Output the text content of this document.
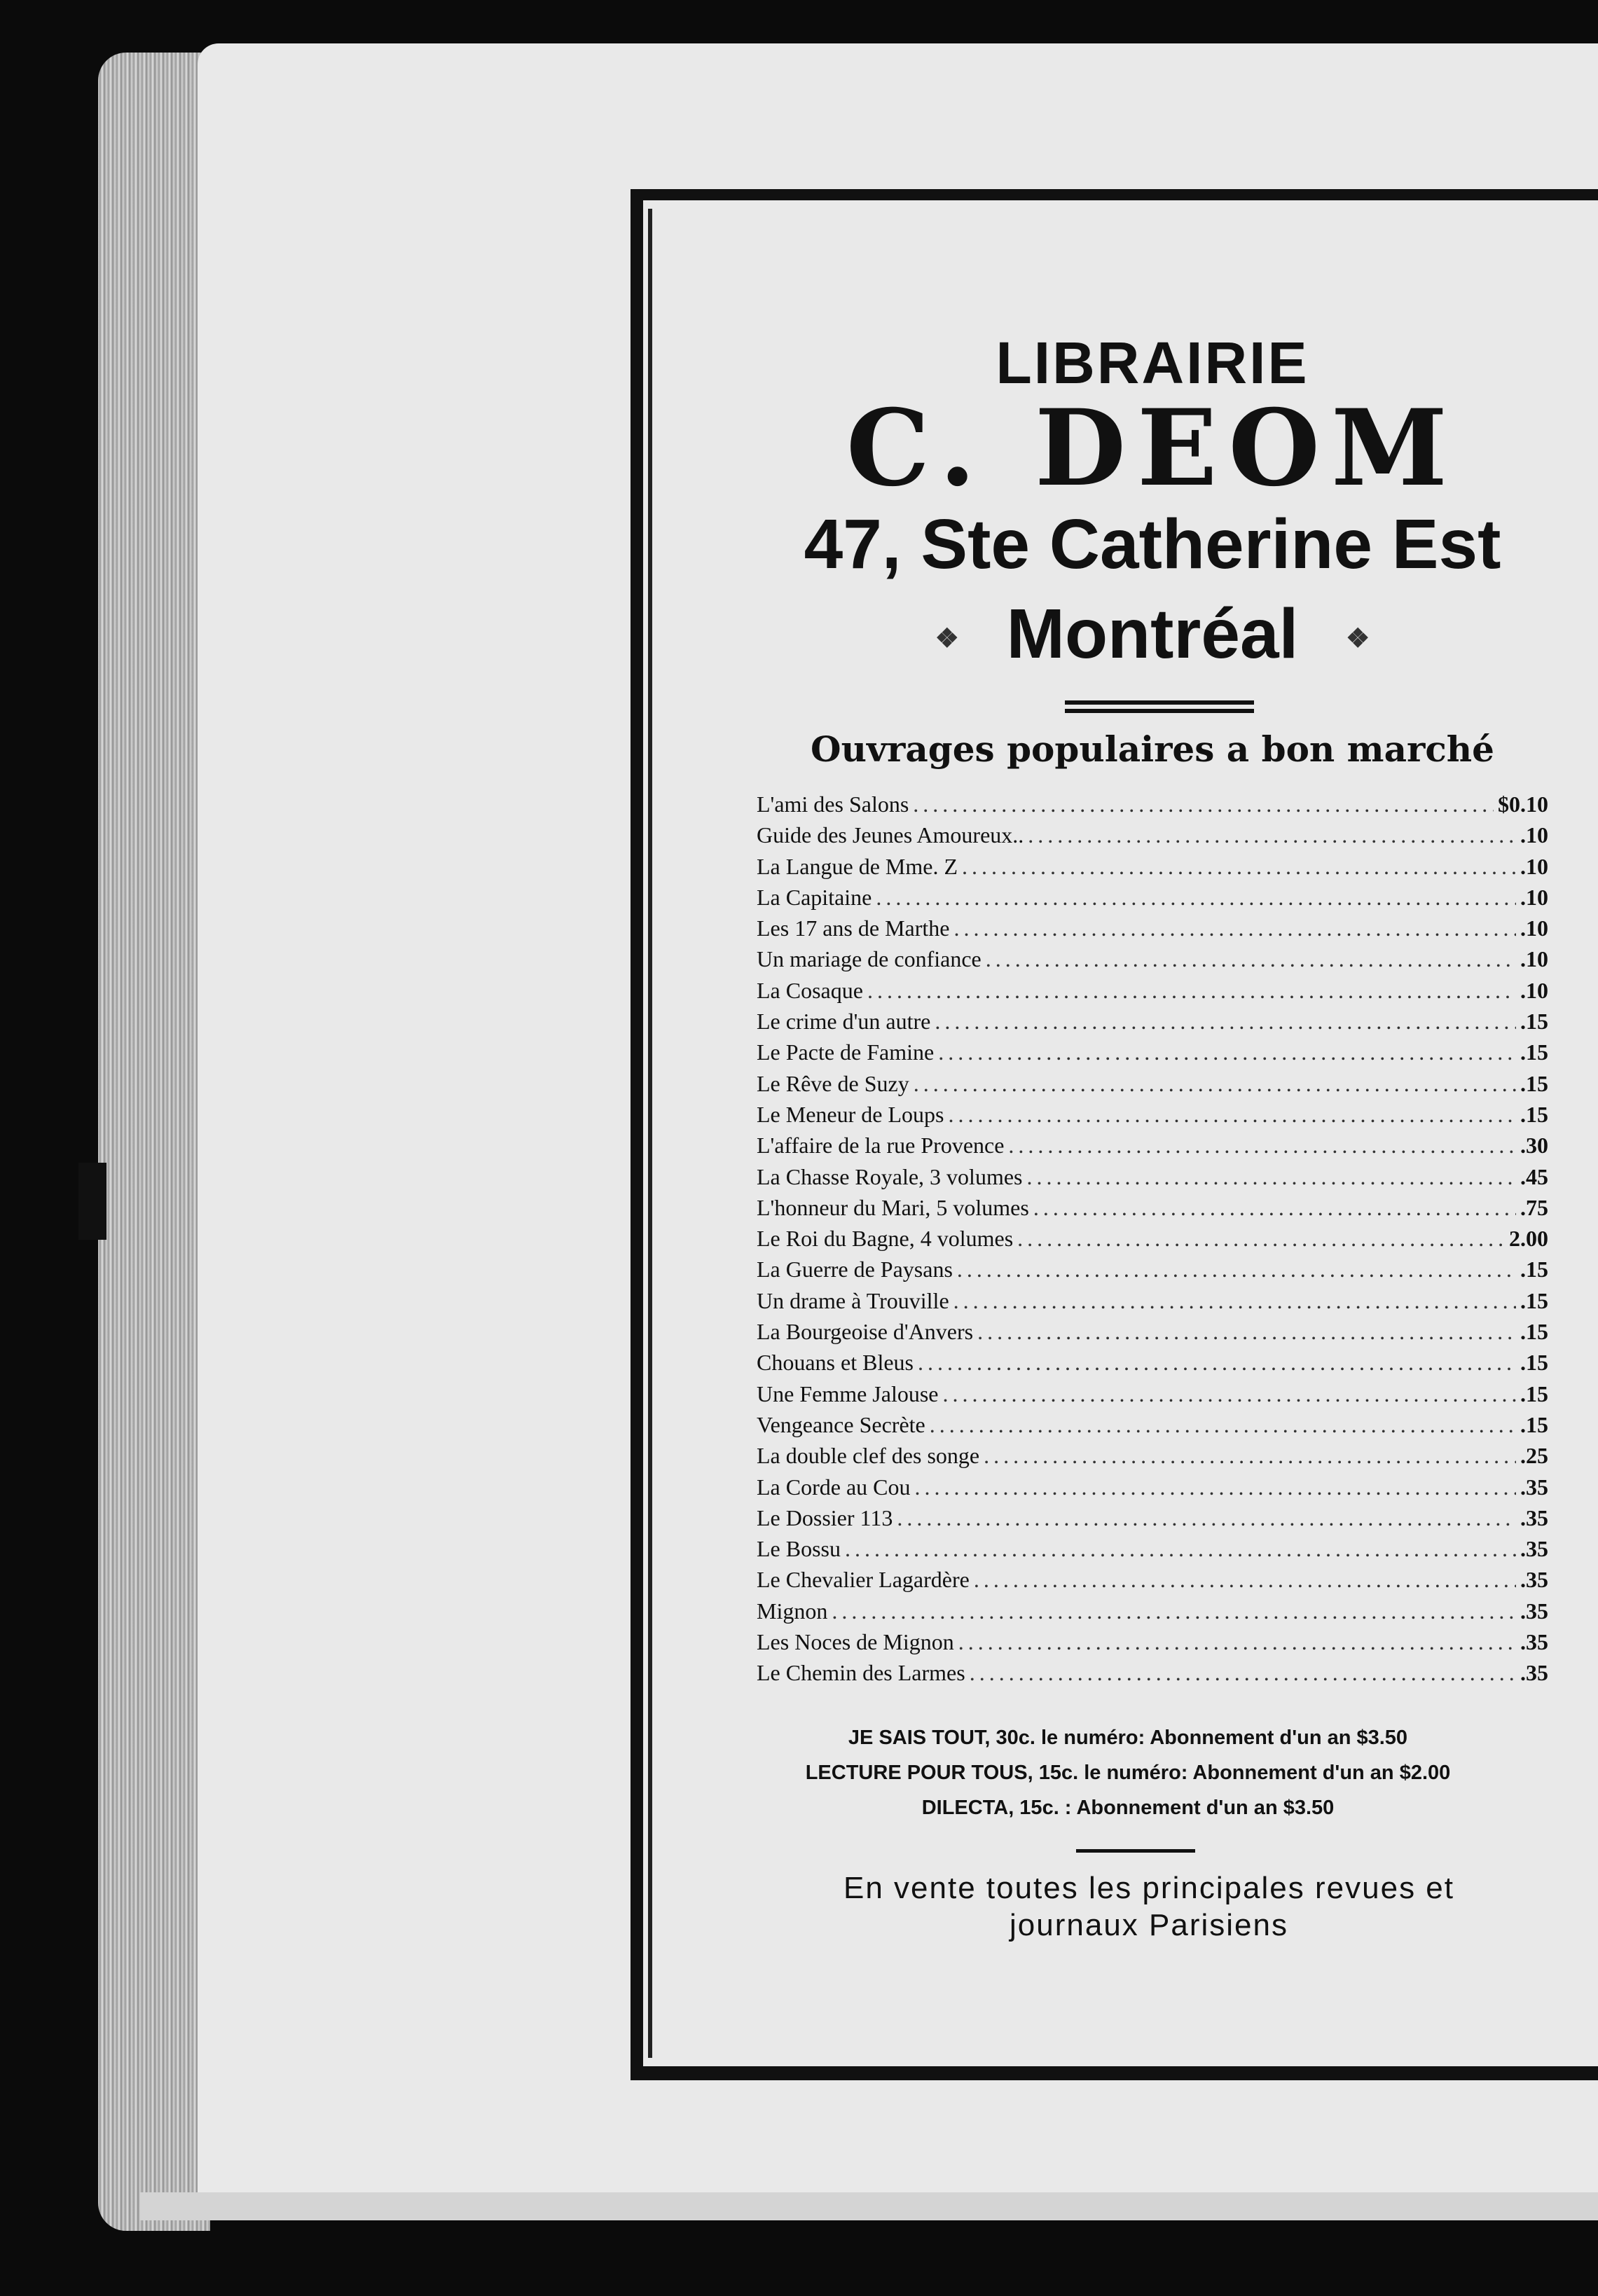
LIBRAIRIE
C. DEOM
47, Ste Catherine Est
❖ Montréal ❖
Ouvrages populaires a bon marché
L'ami des Salons .....	$0.10
Guide des Jeunes Amoureux.. .....	.10
La Langue de Mme. Z .....	.10
La Capitaine .....	.10
Les 17 ans de Marthe .....	.10
Un mariage de confiance .....	.10
La Cosaque .....	.10
Le crime d'un autre .....	.15
Le Pacte de Famine .....	.15
Le Rêve de Suzy .....	.15
Le Meneur de Loups .....	.15
L'affaire de la rue Provence .....	.30
La Chasse Royale, 3 volumes .....	.45
L'honneur du Mari, 5 volumes .....	.75
Le Roi du Bagne, 4 volumes .....	2.00
La Guerre de Paysans .....	.15
Un drame à Trouville .....	.15
La Bourgeoise d'Anvers .....	.15
Chouans et Bleus .....	.15
Une Femme Jalouse .....	.15
Vengeance Secrète .....	.15
La double clef des songe .....	.25
La Corde au Cou .....	.35
Le Dossier 113 .....	.35
Le Bossu .....	.35
Le Chevalier Lagardère .....	.35
Mignon .....	.35
Les Noces de Mignon .....	.35
Le Chemin des Larmes .....	.35
JE SAIS TOUT, 30c. le numéro: Abonnement d'un an $3.50
LECTURE POUR TOUS, 15c. le numéro: Abonnement d'un an $2.00
DILECTA, 15c. : Abonnement d'un an $3.50
En vente toutes les principales revues et
journaux Parisiens
